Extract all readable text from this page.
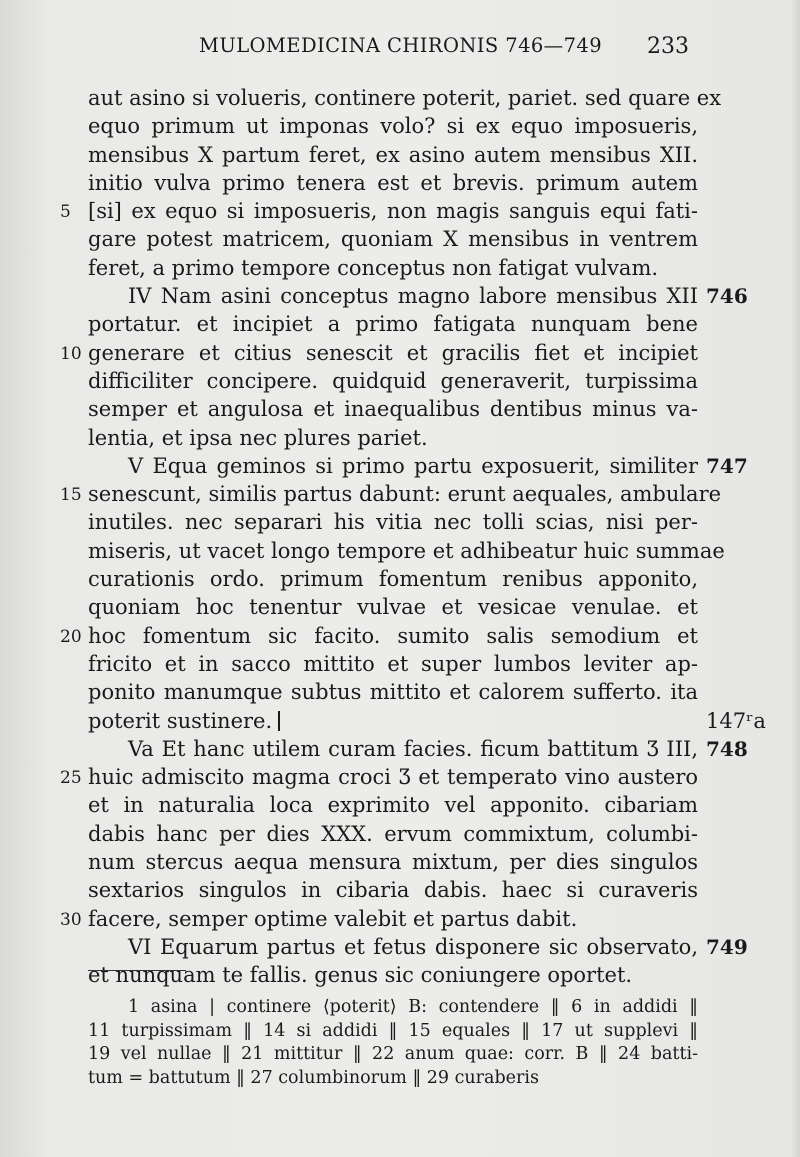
MULOMEDICINA CHIRONIS 746—749 233
aut asino si volueris, continere poterit, pariet. sed quare ex
equo primum ut imponas volo? si ex equo imposueris,
mensibus X partum feret, ex asino autem mensibus XII.
initio vulva primo tenera est et brevis. primum autem
5 [si] ex equo si imposueris, non magis sanguis equi fati-
gare potest matricem, quoniam X mensibus in ventrem
feret, a primo tempore conceptus non fatigat vulvam.
IV Nam asini conceptus magno labore mensibus XII 746
portatur. et incipiet a primo fatigata nunquam bene
10 generare et citius senescit et gracilis fiet et incipiet
difficiliter concipere. quidquid generaverit, turpissima
semper et angulosa et inaequalibus dentibus minus va-
lentia, et ipsa nec plures pariet.
V Equa geminos si primo partu exposuerit, similiter 747
15 senescunt, similis partus dabunt: erunt aequales, ambulare
inutiles. nec separari his vitia nec tolli scias, nisi per-
miseris, ut vacet longo tempore et adhibeatur huic summae
curationis ordo. primum fomentum renibus apponito,
quoniam hoc tenentur vulvae et vesicae venulae. et
20 hoc fomentum sic facito. sumito salis semodium et
fricito et in sacco mittito et super lumbos leviter ap-
ponito manumque subtus mittito et calorem sufferto. ita
poterit sustinere.	147ʳa
Va Et hanc utilem curam facies. ficum battitum Ʒ III, 748
25 huic admiscito magma croci Ʒ et temperato vino austero
et in naturalia loca exprimito vel apponito. cibariam
dabis hanc per dies XXX. ervum commixtum, columbi-
num stercus aequa mensura mixtum, per dies singulos
sextarios singulos in cibaria dabis. haec si curaveris
30 facere, semper optime valebit et partus dabit.
VI Equarum partus et fetus disponere sic observato, 749
et nunquam te fallis. genus sic coniungere oportet.
1 asina | continere ⟨poterit⟩ B: contendere ‖ 6 in addidi ‖
11 turpissimam ‖ 14 si addidi ‖ 15 equales ‖ 17 ut supplevi ‖
19 vel nullae ‖ 21 mittitur ‖ 22 anum quae: corr. B ‖ 24 batti-
tum = battutum ‖ 27 columbinorum ‖ 29 curaberis
